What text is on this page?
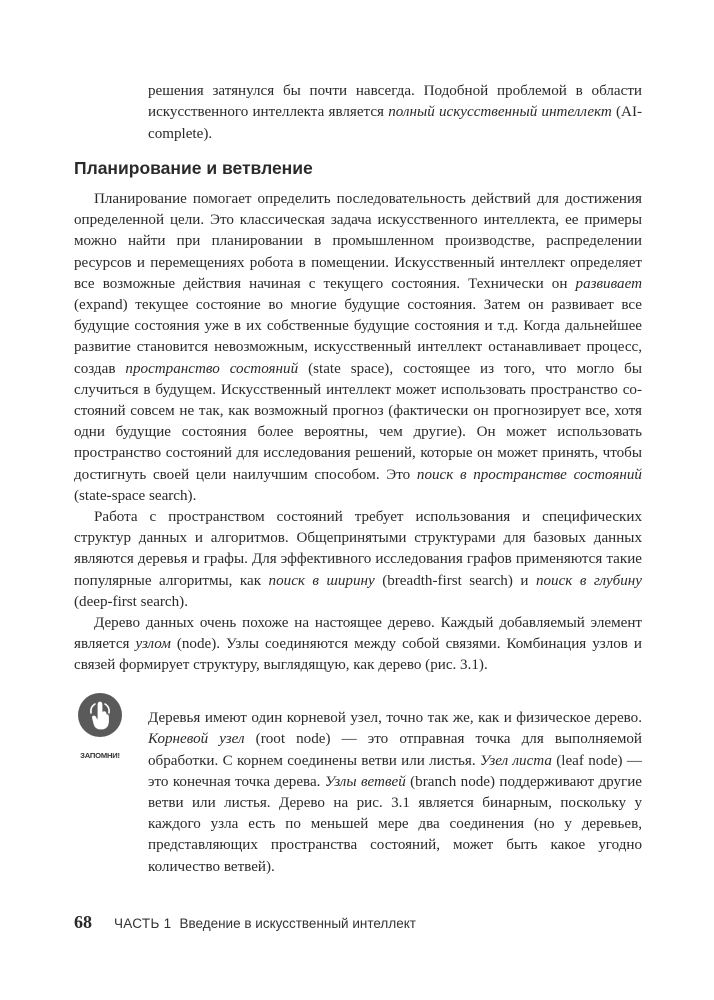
решения затянулся бы почти навсегда. Подобной проблемой в области искусственного интеллекта является полный искусственный интеллект (AI-complete).

Планирование и ветвление

Планирование помогает определить последовательность действий для достижения определенной цели. Это классическая задача искусственного интеллекта, ее примеры можно найти при планировании в промышленном производстве, распределении ресурсов и перемещениях робота в помещении. Искусственный интеллект определяет все возможные действия начиная с текущего состояния. Технически он развивает (expand) текущее состояние во многие будущие состояния. Затем он развивает все будущие состояния уже в их собственные будущие состояния и т.д. Когда дальнейшее развитие становится невозможным, искусственный интеллект останавливает процесс, создав пространство состояний (state space), состоящее из того, что могло бы случиться в будущем. Искусственный интеллект может использовать пространство состояний совсем не так, как возможный прогноз (фактически он прогнозирует все, хотя одни будущие состояния более вероятны, чем другие). Он может использовать пространство состояний для исследования решений, которые он может принять, чтобы достигнуть своей цели наилучшим способом. Это поиск в пространстве состояний (state-space search).

Работа с пространством состояний требует использования и специфических структур данных и алгоритмов. Общепринятыми структурами для базовых данных являются деревья и графы. Для эффективного исследования графов применяются такие популярные алгоритмы, как поиск в ширину (breadth-first search) и поиск в глубину (deep-first search).

Дерево данных очень похоже на настоящее дерево. Каждый добавляемый элемент является узлом (node). Узлы соединяются между собой связями. Комбинация узлов и связей формирует структуру, выглядящую, как дерево (рис. 3.1).

ЗАПОМНИ!

Деревья имеют один корневой узел, точно так же, как и физическое дерево. Корневой узел (root node) — это отправная точка для выполняемой обработки. С корнем соединены ветви или листья. Узел листа (leaf node) — это конечная точка дерева. Узлы ветвей (branch node) поддерживают другие ветви или листья. Дерево на рис. 3.1 является бинарным, поскольку у каждого узла есть по меньшей мере два соединения (но у деревьев, представляющих пространства состояний, может быть какое угодно количество ветвей).

68 ЧАСТЬ 1 Введение в искусственный интеллект
